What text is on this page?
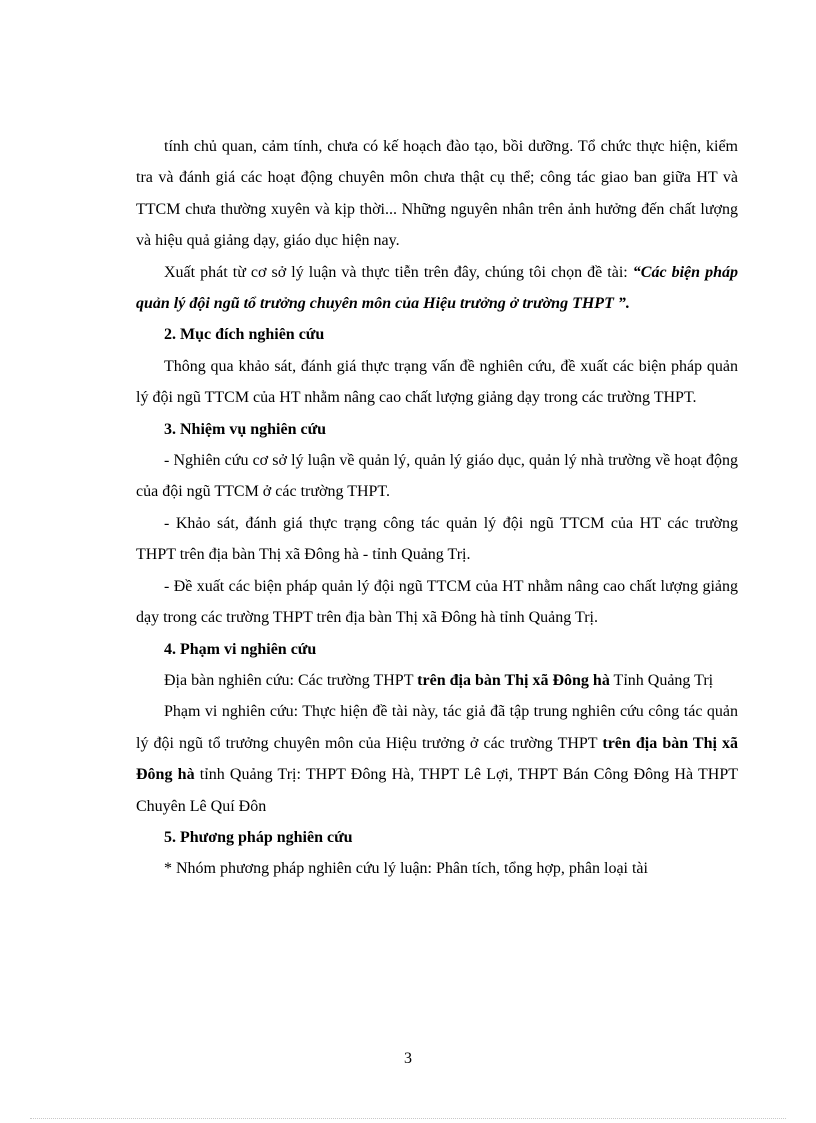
tính chủ quan, cảm tính, chưa có kế hoạch đào tạo, bồi dưỡng. Tổ chức thực hiện, kiểm tra và đánh giá các hoạt động chuyên môn chưa thật cụ thể; công tác giao ban giữa HT và TTCM chưa thường xuyên và kịp thời... Những nguyên nhân trên ảnh hưởng đến chất lượng và hiệu quả giảng dạy, giáo dục hiện nay.

Xuất phát từ cơ sở lý luận và thực tiễn trên đây, chúng tôi chọn đề tài: “Các biện pháp quản lý đội ngũ tổ trưởng chuyên môn của Hiệu trưởng ở trường THPT ”.

2. Mục đích nghiên cứu

Thông qua khảo sát, đánh giá thực trạng vấn đề nghiên cứu, đề xuất các biện pháp quản lý đội ngũ TTCM của HT nhằm nâng cao chất lượng giảng dạy trong các trường THPT.

3. Nhiệm vụ nghiên cứu

- Nghiên cứu cơ sở lý luận về quản lý, quản lý giáo dục, quản lý nhà trường về hoạt động của đội ngũ TTCM ở các trường THPT.

- Khảo sát, đánh giá thực trạng công tác quản lý đội ngũ TTCM của HT các trường THPT trên địa bàn Thị xã Đông hà - tỉnh Quảng Trị.

- Đề xuất các biện pháp quản lý đội ngũ TTCM của HT nhằm nâng cao chất lượng giảng dạy trong các trường THPT trên địa bàn Thị xã Đông hà tỉnh Quảng Trị.

4. Phạm vi nghiên cứu

Địa bàn nghiên cứu: Các trường THPT trên địa bàn Thị xã Đông hà Tỉnh Quảng Trị

Phạm vi nghiên cứu: Thực hiện đề tài này, tác giả đã tập trung nghiên cứu công tác quản lý đội ngũ tổ trưởng chuyên môn của Hiệu trưởng ở các trường THPT trên địa bàn Thị xã Đông hà tỉnh Quảng Trị: THPT Đông Hà, THPT Lê Lợi, THPT Bán Công Đông Hà THPT Chuyên Lê Quí Đôn

5. Phương pháp nghiên cứu

* Nhóm phương pháp nghiên cứu lý luận: Phân tích, tổng hợp, phân loại tài

3
